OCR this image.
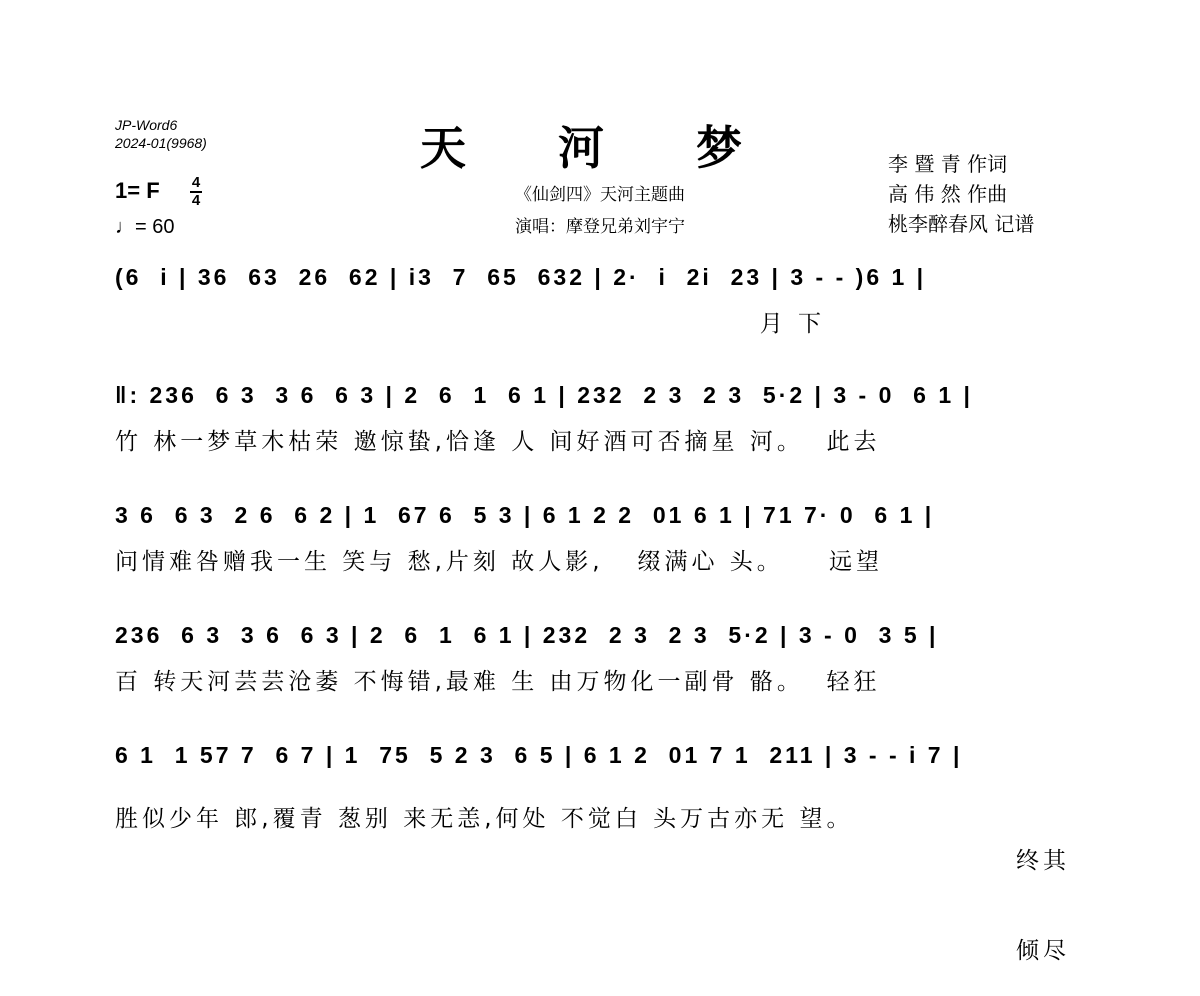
JP-Word6
2024-01(9968)	天 河 梦
《仙剑四》天河主题曲
演唱：摩登兄弟刘宇宁
李 暨 青 作词
高 伟 然 作曲
桃李醉春风 记谱
1= F 4
4
♩= 60
(6  i | 36  63  26  62 | i3  7  65  632 | 2·  i  2i  23 | 3 - - )6 1 |
月 下
‖: 236  6 3  3 6  6 3 | 2  6  1  6 1 | 232  2 3  2 3  5·2 | 3 - 0  6 1 |
竹 林一梦草木枯荣 邀惊蛰,恰逢 人 间好酒可否摘星 河。  此去
3 6  6 3  2 6  6 2 | 1  67 6  5 3 | 6 1 2 2  01 6 1 | 71 7· 0  6 1 |
问情难咎赠我一生 笑与 愁,片刻 故人影,   缀满心 头。    远望
236  6 3  3 6  6 3 | 2  6  1  6 1 | 232  2 3  2 3  5·2 | 3 - 0  3 5 |
百 转天河芸芸沧萎 不悔错,最难 生 由万物化一副骨 骼。  轻狂
6 1  1 57 7  6 7 | 1  75  5 2 3  6 5 | 6 1 2  01 7 1  211 | 3 - - i 7 |
胜似少年 郎,覆青 葱别 来无恙,何处 不觉白 头万古亦无 望。

终其

倾尽
